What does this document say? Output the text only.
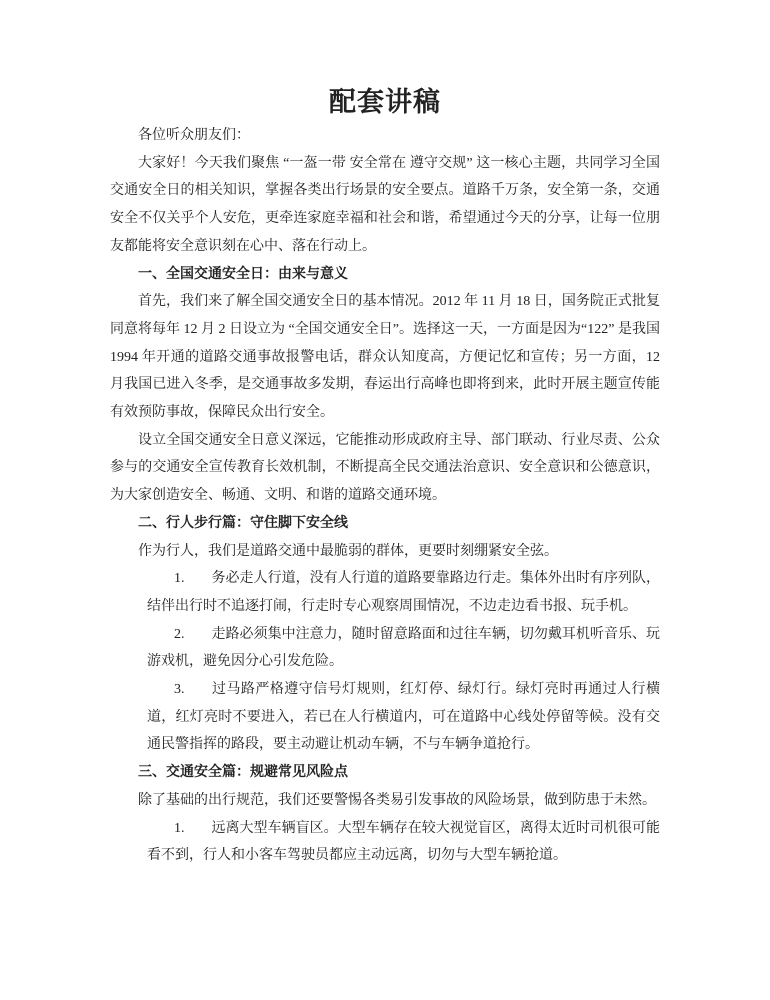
配套讲稿
各位听众朋友们：
大家好！今天我们聚焦 “一盔一带 安全常在 遵守交规” 这一核心主题，共同学习全国交通安全日的相关知识，掌握各类出行场景的安全要点。道路千万条，安全第一条，交通安全不仅关乎个人安危，更牵连家庭幸福和社会和谐，希望通过今天的分享，让每一位朋友都能将安全意识刻在心中、落在行动上。
一、全国交通安全日：由来与意义
首先，我们来了解全国交通安全日的基本情况。2012 年 11 月 18 日，国务院正式批复同意将每年 12 月 2 日设立为 “全国交通安全日”。选择这一天，一方面是因为“122” 是我国 1994 年开通的道路交通事故报警电话，群众认知度高，方便记忆和宣传；另一方面，12 月我国已进入冬季，是交通事故多发期，春运出行高峰也即将到来，此时开展主题宣传能有效预防事故，保障民众出行安全。
设立全国交通安全日意义深远，它能推动形成政府主导、部门联动、行业尽责、公众参与的交通安全宣传教育长效机制，不断提高全民交通法治意识、安全意识和公德意识，为大家创造安全、畅通、文明、和谐的道路交通环境。
二、行人步行篇：守住脚下安全线
作为行人，我们是道路交通中最脆弱的群体，更要时刻绷紧安全弦。
1. 务必走人行道，没有人行道的道路要靠路边行走。集体外出时有序列队，结伴出行时不追逐打闹，行走时专心观察周围情况，不边走边看书报、玩手机。
2. 走路必须集中注意力，随时留意路面和过往车辆，切勿戴耳机听音乐、玩游戏机，避免因分心引发危险。
3. 过马路严格遵守信号灯规则，红灯停、绿灯行。绿灯亮时再通过人行横道，红灯亮时不要进入，若已在人行横道内，可在道路中心线处停留等候。没有交通民警指挥的路段，要主动避让机动车辆，不与车辆争道抢行。
三、交通安全篇：规避常见风险点
除了基础的出行规范，我们还要警惕各类易引发事故的风险场景，做到防患于未然。
1. 远离大型车辆盲区。大型车辆存在较大视觉盲区，离得太近时司机很可能看不到，行人和小客车驾驶员都应主动远离，切勿与大型车辆抢道。
